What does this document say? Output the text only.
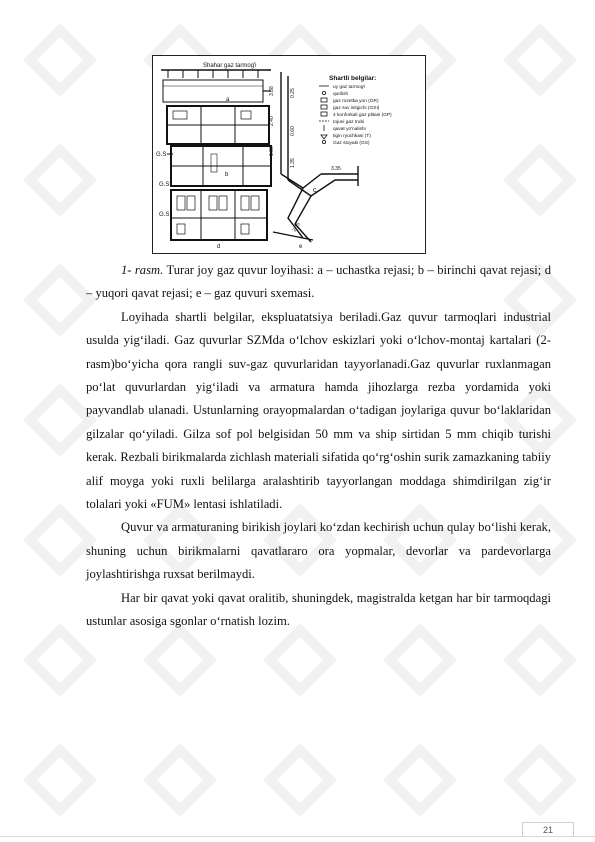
Shahar gaz tarmog'i
a
G.S
b
G.S
d
G.S
3.88
2.40
1.80
0.25
0.60
1.35
3.35
2.15
e
c
Shartli belgilar:
uy gaz tarmog'i
qurilish
gaz rozetka yon (GR)
gaz suv isitgichi (GSI)
4 konforkali gaz plitasi (GP)
tojuni gaz trubi
qavat yo'nalishi
tigin ryuchkasi (T)
Gaz stoyaki (GS)

1- rasm. Turar joy gaz quvur loyihasi: a – uchastka rejasi; b – birinchi qavat rejasi; d – yuqori qavat rejasi; e – gaz quvuri sxemasi.

Loyihada shartli belgilar, ekspluatatsiya beriladi.Gaz quvur tarmoqlari industrial usulda yig‘iladi. Gaz quvurlar SZMda o‘lchov eskizlari yoki o‘lchov-montaj kartalari (2- rasm)bo‘yicha qora rangli suv-gaz quvurlaridan tayyorlanadi.Gaz quvurlar ruxlanmagan po‘lat quvurlardan yig‘iladi va armatura hamda jihozlarga rezba yordamida yoki payvandlab ulanadi. Ustunlarning orayopmalardan o‘tadigan joylariga quvur bo‘laklaridan gilzalar qo‘yiladi. Gilza sof pol belgisidan 50 mm va ship sirtidan 5 mm chiqib turishi kerak. Rezbali birikmalarda zichlash materiali sifatida qo‘rg‘oshin surik zamazkaning tabiiy alif moyga yoki ruxli belilarga aralashtirib tayyorlangan moddaga shimdirilgan zig‘ir tolalari yoki «FUM» lentasi ishlatiladi.

Quvur va armaturaning birikish joylari ko‘zdan kechirish uchun qulay bo‘lishi kerak, shuning uchun birikmalarni qavatlararo ora yopmalar, devorlar va pardevorlarga joylashtirishga ruxsat berilmaydi.

Har bir qavat yoki qavat oralitib, shuningdek, magistralda ketgan har bir tarmoqdagi ustunlar asosiga sgonlar o‘rnatish lozim.

21
